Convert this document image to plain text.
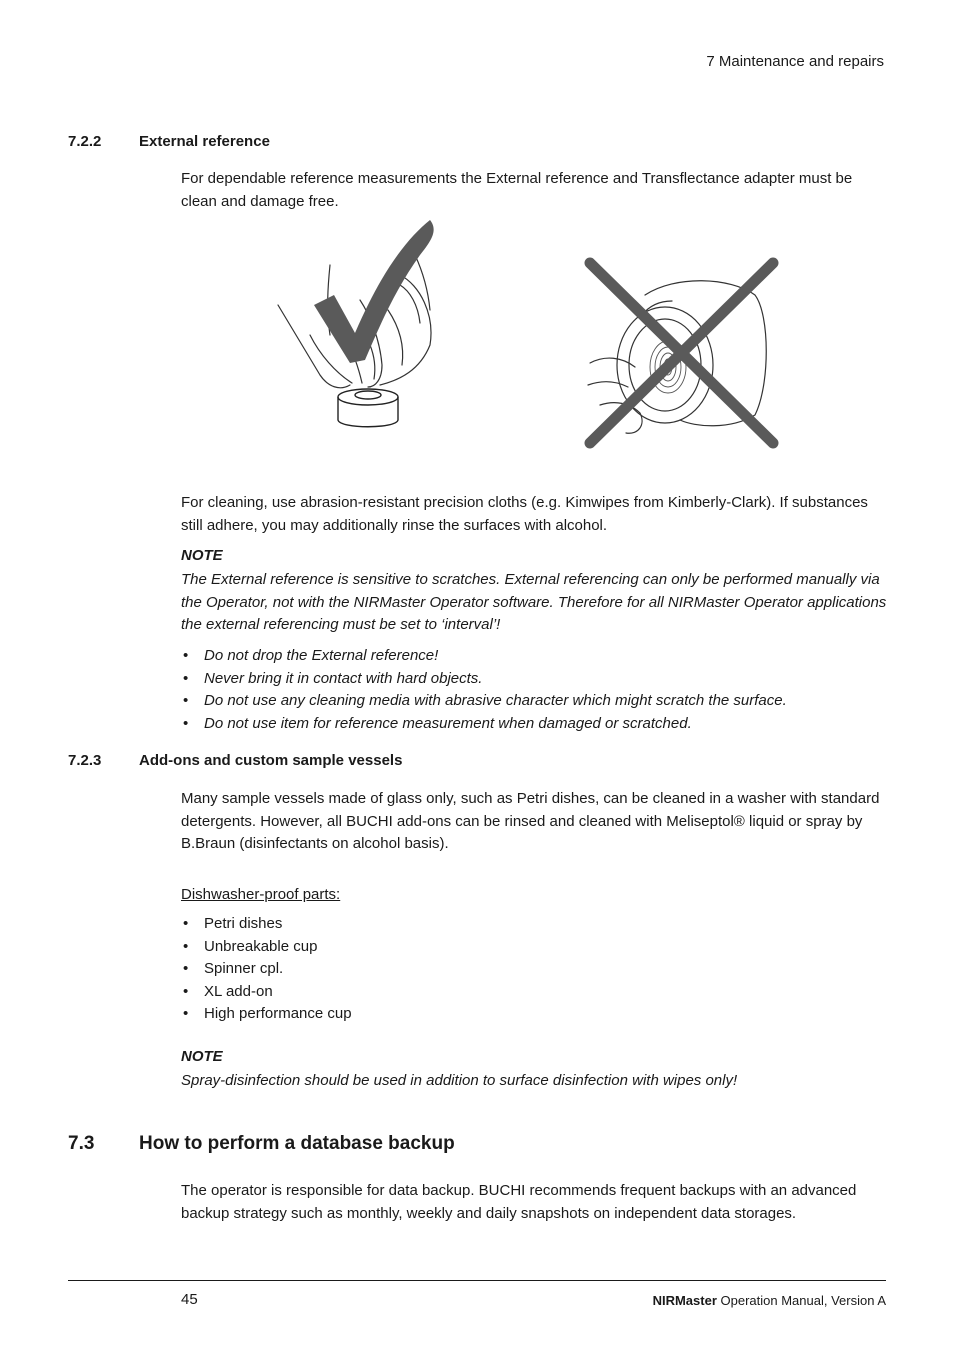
7 Maintenance and repairs
7.2.2	External reference

For dependable reference measurements the External reference and Transflectance adapter must be clean and damage free.

For cleaning, use abrasion-resistant precision cloths (e.g. Kimwipes from Kimberly-Clark). If substances still adhere, you may additionally rinse the surfaces with alcohol.

NOTE

The External reference is sensitive to scratches. External referencing can only be performed manually via the Operator, not with the NIRMaster Operator software. Therefore for all NIRMaster Operator applications the external referencing must be set to ‘interval’!

• Do not drop the External reference!
• Never bring it in contact with hard objects.
• Do not use any cleaning media with abrasive character which might scratch the surface.
• Do not use item for reference measurement when damaged or scratched.
7.2.3	Add-ons and custom sample vessels

Many sample vessels made of glass only, such as Petri dishes, can be cleaned in a washer with standard detergents. However, all BUCHI add-ons can be rinsed and cleaned with Meliseptol® liquid or spray by B.Braun (disinfectants on alcohol basis).

Dishwasher-proof parts:
• Petri dishes
• Unbreakable cup
• Spinner cpl.
• XL add-on
• High performance cup
NOTE

Spray-disinfection should be used in addition to surface disinfection with wipes only!

7.3 How to perform a database backup

The operator is responsible for data backup. BUCHI recommends frequent backups with an advanced backup strategy such as monthly, weekly and daily snapshots on independent data storages.

45	NIRMaster Operation Manual, Version A
